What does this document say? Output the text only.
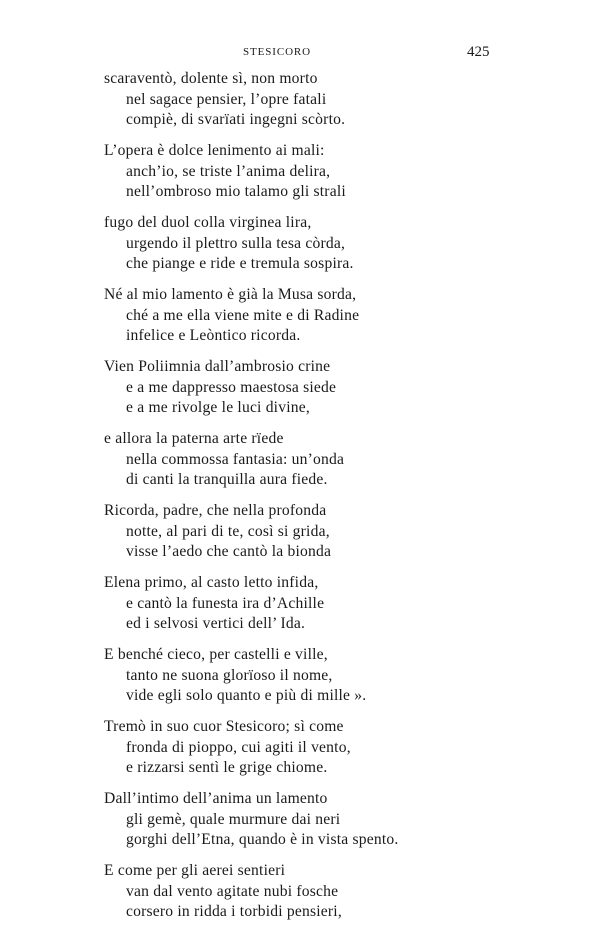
STESICORO	425
scaraventò, dolente sì, non morto
nel sagace pensier, l’opre fatali
compiè, di svarïati ingegni scòrto.
L’opera è dolce lenimento ai mali:
anch’io, se triste l’anima delira,
nell’ombroso mio talamo gli strali
fugo del duol colla virginea lira,
urgendo il plettro sulla tesa còrda,
che piange e ride e tremula sospira.
Né al mio lamento è già la Musa sorda,
ché a me ella viene mite e di Radine
infelice e Leòntico ricorda.
Vien Poliimnia dall’ambrosio crine
e a me dappresso maestosa siede
e a me rivolge le luci divine,
e allora la paterna arte rïede
nella commossa fantasia: un’onda
di canti la tranquilla aura fiede.
Ricorda, padre, che nella profonda
notte, al pari di te, così si grida,
visse l’aedo che cantò la bionda
Elena primo, al casto letto infida,
e cantò la funesta ira d’Achille
ed i selvosi vertici dell’ Ida.
E benché cieco, per castelli e ville,
tanto ne suona glorïoso il nome,
vide egli solo quanto e più di mille ».
Tremò in suo cuor Stesicoro; sì come
fronda di pioppo, cui agiti il vento,
e rizzarsi sentì le grige chiome.
Dall’intimo dell’anima un lamento
gli gemè, quale murmure dai neri
gorghi dell’Etna, quando è in vista spento.
E come per gli aerei sentieri
van dal vento agitate nubi fosche
corsero in ridda i torbidi pensieri,
